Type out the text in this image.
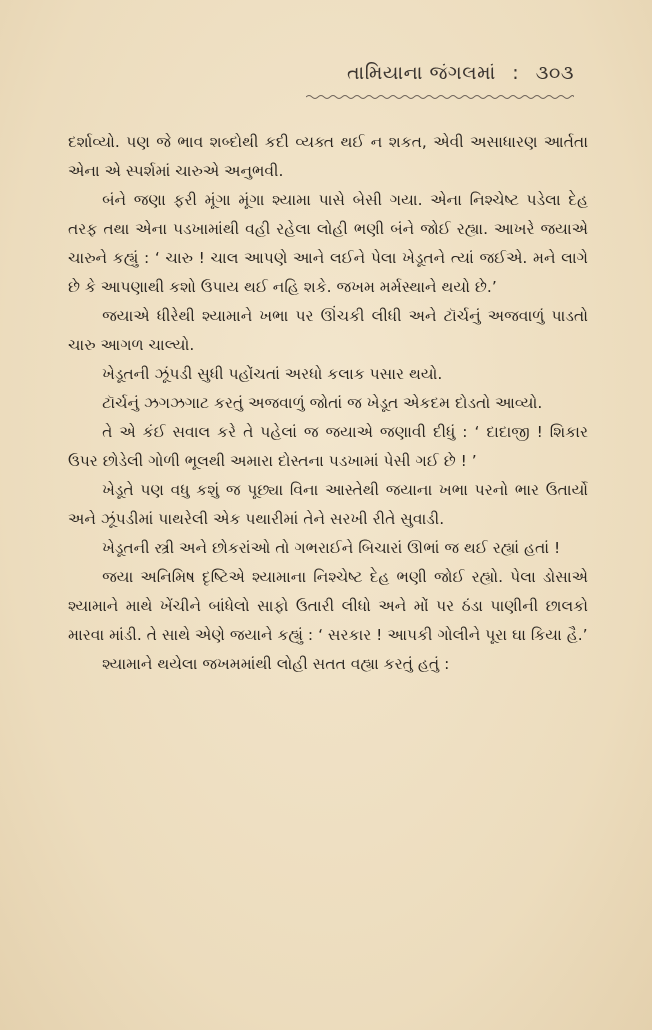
તામિયાના જંગલમાં : ૩૦૩

દર્શાવ્યો. પણ જે ભાવ શબ્દોથી કદી વ્યક્ત થઈ ન શકત, એવી અસાધારણ આર્તતા એના એ સ્પર્શમાં ચારુએ અનુભવી.

બંને જણા ફરી મૂંગા મૂંગા શ્યામા પાસે બેસી ગયા. એના નિશ્ચેષ્ટ પડેલા દેહ તરફ તથા એના પડખામાંથી વહી રહેલા લોહી ભણી બંને જોઈ રહ્યા. આખરે જયાએ ચારુને કહ્યું : ‘ ચારુ ! ચાલ આપણે આને લઈને પેલા ખેડૂતને ત્યાં જઈએ. મને લાગે છે કે આપણાથી કશો ઉપાય થઈ નહિ શકે. જખમ મર્મસ્થાને થયો છે.’

જયાએ ધીરેથી શ્યામાને ખભા પર ઊંચકી લીધી અને ટૉર્ચનું અજવાળું પાડતો ચારુ આગળ ચાલ્યો.

ખેડૂતની ઝૂંપડી સુધી પહોંચતાં અરધો કલાક પસાર થયો.

ટૉર્ચનું ઝગઝગાટ કરતું અજવાળું જોતાં જ ખેડૂત એકદમ દોડતો આવ્યો.

તે એ કંઈ સવાલ કરે તે પહેલાં જ જયાએ જણાવી દીધું : ‘ દાદાજી ! શિકાર ઉપર છોડેલી ગોળી ભૂલથી અમારા દોસ્તના પડખામાં પેસી ગઈ છે ! ’

ખેડૂતે પણ વધુ કશું જ પૂછ્યા વિના આસ્તેથી જયાના ખભા પરનો ભાર ઉતાર્યો અને ઝૂંપડીમાં પાથરેલી એક પથારીમાં તેને સરખી રીતે સુવાડી.

ખેડૂતની સ્ત્રી અને છોકરાંઓ તો ગભરાઈને બિચારાં ઊભાં જ થઈ રહ્યાં હતાં !

જયા અનિમિષ દૃષ્ટિએ શ્યામાના નિશ્ચેષ્ટ દેહ ભણી જોઈ રહ્યો. પેલા ડોસાએ શ્યામાને માથે ખેંચીને બાંધેલો સાફો ઉતારી લીધો અને મોં પર ઠંડા પાણીની છાલકો મારવા માંડી. તે સાથે એણે જયાને કહ્યું : ‘ સરકાર ! આપકી ગોલીને પૂરા ઘા કિયા હૈ.’

શ્યામાને થયેલા જખમમાંથી લોહી સતત વહ્યા કરતું હતું :
